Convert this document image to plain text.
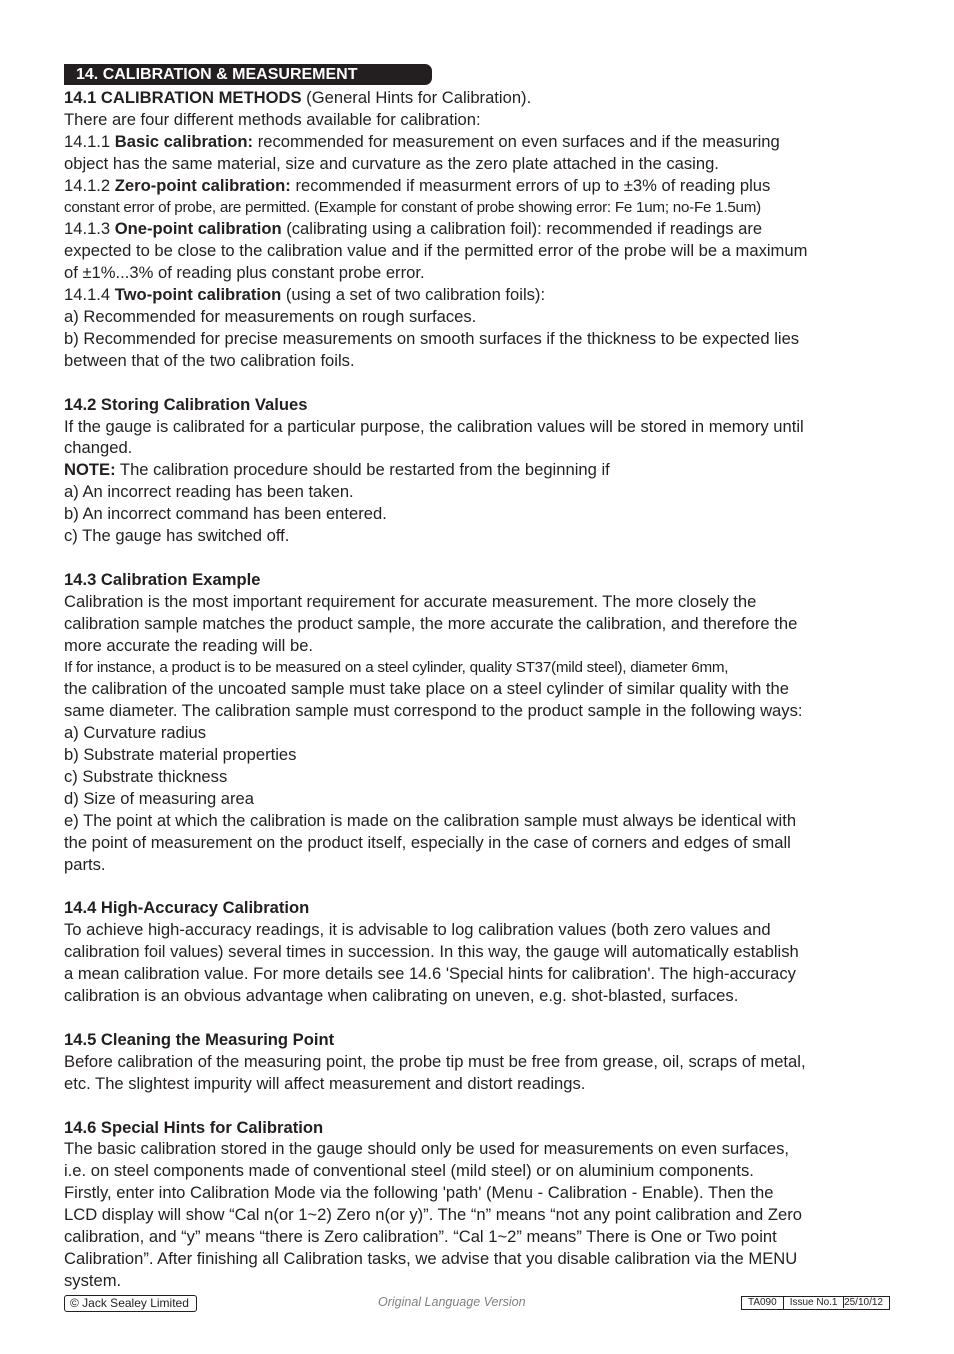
14. CALIBRATION & MEASUREMENT

14.1 CALIBRATION METHODS (General Hints for Calibration).

There are four different methods available for calibration:

14.1.1 Basic calibration: recommended for measurement on even surfaces and if the measuring

object has the same material, size and curvature as the zero plate attached in the casing.

14.1.2 Zero-point calibration: recommended if measurment errors of up to ±3% of reading plus

constant error of probe, are permitted. (Example for constant of probe showing error: Fe 1um; no-Fe 1.5um)

14.1.3 One-point calibration (calibrating using a calibration foil): recommended if readings are

expected to be close to the calibration value and if the permitted error of the probe will be a maximum

of ±1%...3% of reading plus constant probe error.

14.1.4 Two-point calibration (using a set of two calibration foils):

a) Recommended for measurements on rough surfaces.

b) Recommended for precise measurements on smooth surfaces if the thickness to be expected lies

between that of the two calibration foils.

14.2 Storing Calibration Values

If the gauge is calibrated for a particular purpose, the calibration values will be stored in memory until

changed.

NOTE: The calibration procedure should be restarted from the beginning if

a) An incorrect reading has been taken.

b) An incorrect command has been entered.

c) The gauge has switched off.

14.3 Calibration Example

Calibration is the most important requirement for accurate measurement. The more closely the

calibration sample matches the product sample, the more accurate the calibration, and therefore the

more accurate the reading will be.

If for instance, a product is to be measured on a steel cylinder, quality ST37(mild steel), diameter 6mm,

the calibration of the uncoated sample must take place on a steel cylinder of similar quality with the

same diameter. The calibration sample must correspond to the product sample in the following ways:

a) Curvature radius

b) Substrate material properties

c) Substrate thickness

d) Size of measuring area

e) The point at which the calibration is made on the calibration sample must always be identical with

the point of measurement on the product itself, especially in the case of corners and edges of small

parts.

14.4 High-Accuracy Calibration

To achieve high-accuracy readings, it is advisable to log calibration values (both zero values and

calibration foil values) several times in succession. In this way, the gauge will automatically establish

a mean calibration value. For more details see 14.6 'Special hints for calibration'. The high-accuracy

calibration is an obvious advantage when calibrating on uneven, e.g. shot-blasted, surfaces.

14.5 Cleaning the Measuring Point

Before calibration of the measuring point, the probe tip must be free from grease, oil, scraps of metal,

etc. The slightest impurity will affect measurement and distort readings.

14.6 Special Hints for Calibration

The basic calibration stored in the gauge should only be used for measurements on even surfaces,

i.e. on steel components made of conventional steel (mild steel) or on aluminium components.

Firstly, enter into Calibration Mode via the following 'path' (Menu - Calibration - Enable). Then the

LCD display will show “Cal n(or 1~2) Zero n(or y)”. The “n” means “not any point calibration and Zero

calibration, and “y” means “there is Zero calibration”. “Cal 1~2” means” There is One or Two point

Calibration”. After finishing all Calibration tasks, we advise that you disable calibration via the MENU

system.

© Jack Sealey Limited	Original Language Version	TA090	Issue No.1 25/10/12
